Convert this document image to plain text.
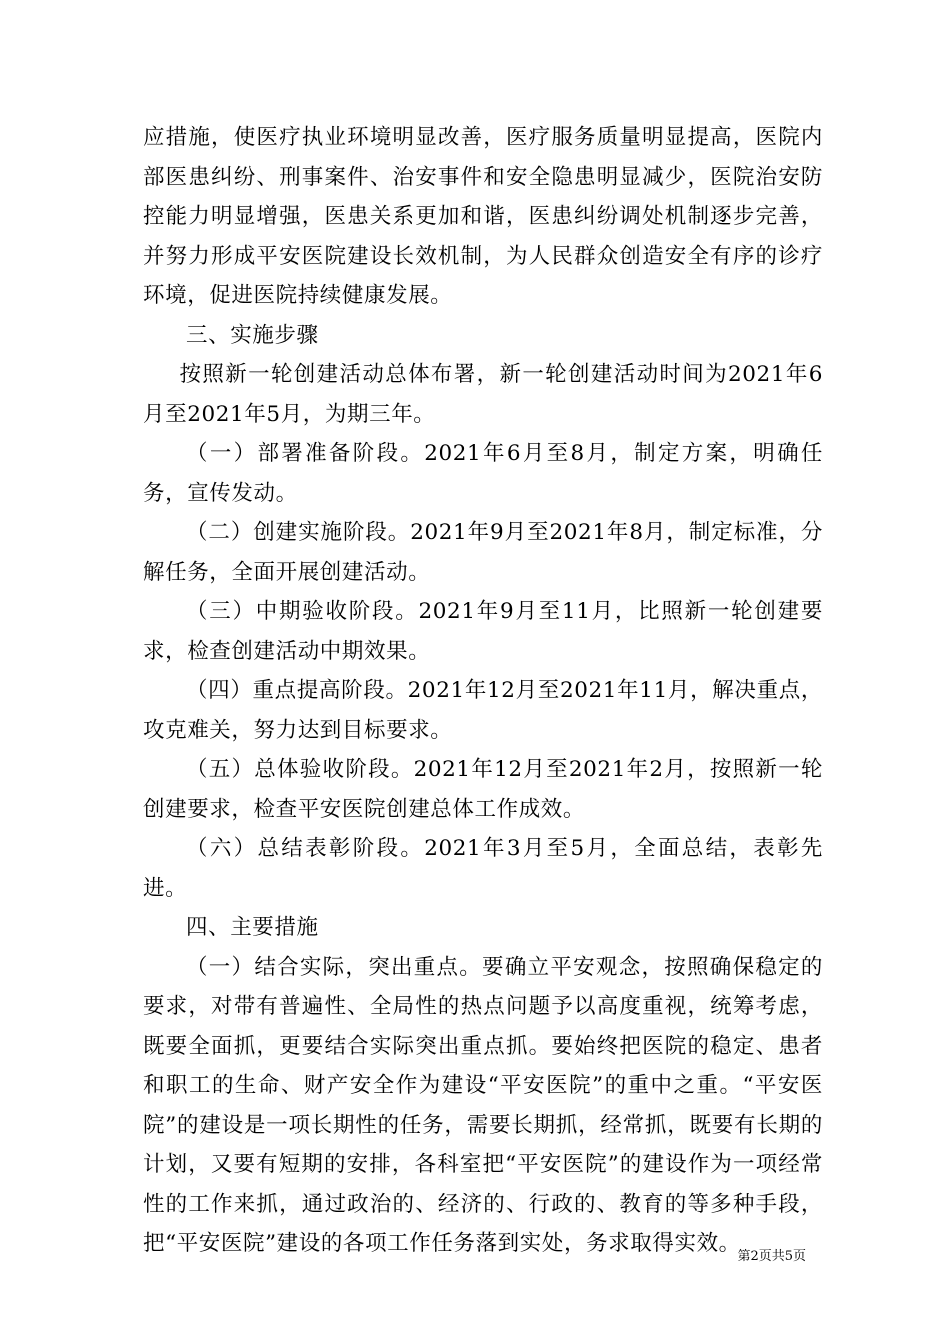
应措施，使医疗执业环境明显改善，医疗服务质量明显提高，医院内部医患纠纷、刑事案件、治安事件和安全隐患明显减少，医院治安防控能力明显增强，医患关系更加和谐，医患纠纷调处机制逐步完善，并努力形成平安医院建设长效机制，为人民群众创造安全有序的诊疗环境，促进医院持续健康发展。

三、实施步骤

按照新一轮创建活动总体布署，新一轮创建活动时间为2021年6月至2021年5月，为期三年。

（一）部署准备阶段。2021年6月至8月，制定方案，明确任务，宣传发动。

（二）创建实施阶段。2021年9月至2021年8月，制定标准，分解任务，全面开展创建活动。

（三）中期验收阶段。2021年9月至11月，比照新一轮创建要求，检查创建活动中期效果。

（四）重点提高阶段。2021年12月至2021年11月，解决重点，攻克难关，努力达到目标要求。

（五）总体验收阶段。2021年12月至2021年2月，按照新一轮创建要求，检查平安医院创建总体工作成效。

（六）总结表彰阶段。2021年3月至5月，全面总结，表彰先进。

四、主要措施

（一）结合实际，突出重点。要确立平安观念，按照确保稳定的要求，对带有普遍性、全局性的热点问题予以高度重视，统筹考虑，既要全面抓，更要结合实际突出重点抓。要始终把医院的稳定、患者和职工的生命、财产安全作为建设“平安医院”的重中之重。“平安医院”的建设是一项长期性的任务，需要长期抓，经常抓，既要有长期的计划，又要有短期的安排，各科室把“平安医院”的建设作为一项经常性的工作来抓，通过政治的、经济的、行政的、教育的等多种手段，把“平安医院”建设的各项工作任务落到实处，务求取得实效。

第2页共5页
